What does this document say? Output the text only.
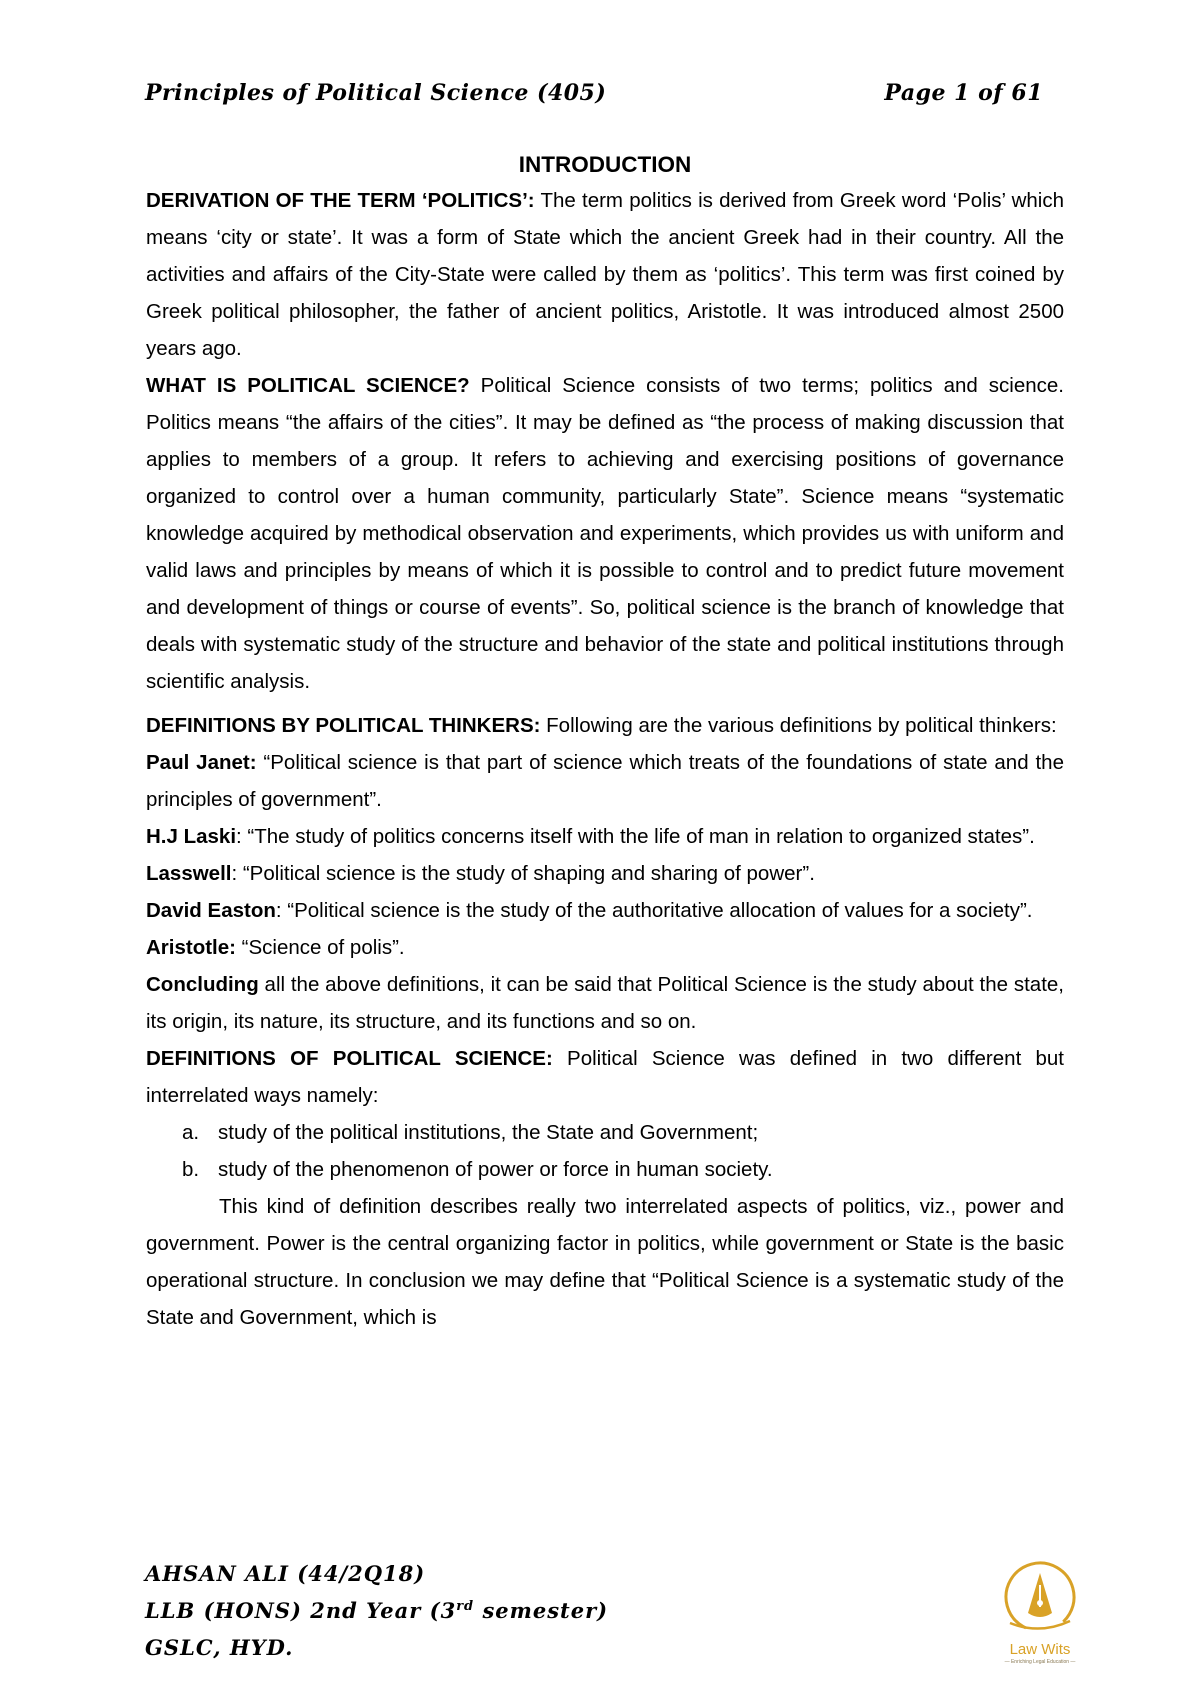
Principles of Political Science (405)	Page 1 of 61
INTRODUCTION

DERIVATION OF THE TERM ‘POLITICS’: The term politics is derived from Greek word ‘Polis’ which means ‘city or state’. It was a form of State which the ancient Greek had in their country. All the activities and affairs of the City-State were called by them as ‘politics’. This term was first coined by Greek political philosopher, the father of ancient politics, Aristotle. It was introduced almost 2500 years ago.

WHAT IS POLITICAL SCIENCE? Political Science consists of two terms; politics and science. Politics means “the affairs of the cities”. It may be defined as “the process of making discussion that applies to members of a group. It refers to achieving and exercising positions of governance organized to control over a human community, particularly State”. Science means “systematic knowledge acquired by methodical observation and experiments, which provides us with uniform and valid laws and principles by means of which it is possible to control and to predict future movement and development of things or course of events”. So, political science is the branch of knowledge that deals with systematic study of the structure and behavior of the state and political institutions through scientific analysis.

DEFINITIONS BY POLITICAL THINKERS: Following are the various definitions by political thinkers:

Paul Janet: “Political science is that part of science which treats of the foundations of state and the principles of government”.

H.J Laski: “The study of politics concerns itself with the life of man in relation to organized states”.

Lasswell: “Political science is the study of shaping and sharing of power”.

David Easton: “Political science is the study of the authoritative allocation of values for a society”.

Aristotle: “Science of polis”.

Concluding all the above definitions, it can be said that Political Science is the study about the state, its origin, its nature, its structure, and its functions and so on.

DEFINITIONS OF POLITICAL SCIENCE: Political Science was defined in two different but interrelated ways namely:

a. study of the political institutions, the State and Government;
b. study of the phenomenon of power or force in human society.

This kind of definition describes really two interrelated aspects of politics, viz., power and government. Power is the central organizing factor in politics, while government or State is the basic operational structure. In conclusion we may define that “Political Science is a systematic study of the State and Government, which is

AHSAN ALI (44/2Q18)
LLB (HONS) 2nd Year (3rd semester)
GSLC, HYD.	Law Wits
— Enriching Legal Education —
